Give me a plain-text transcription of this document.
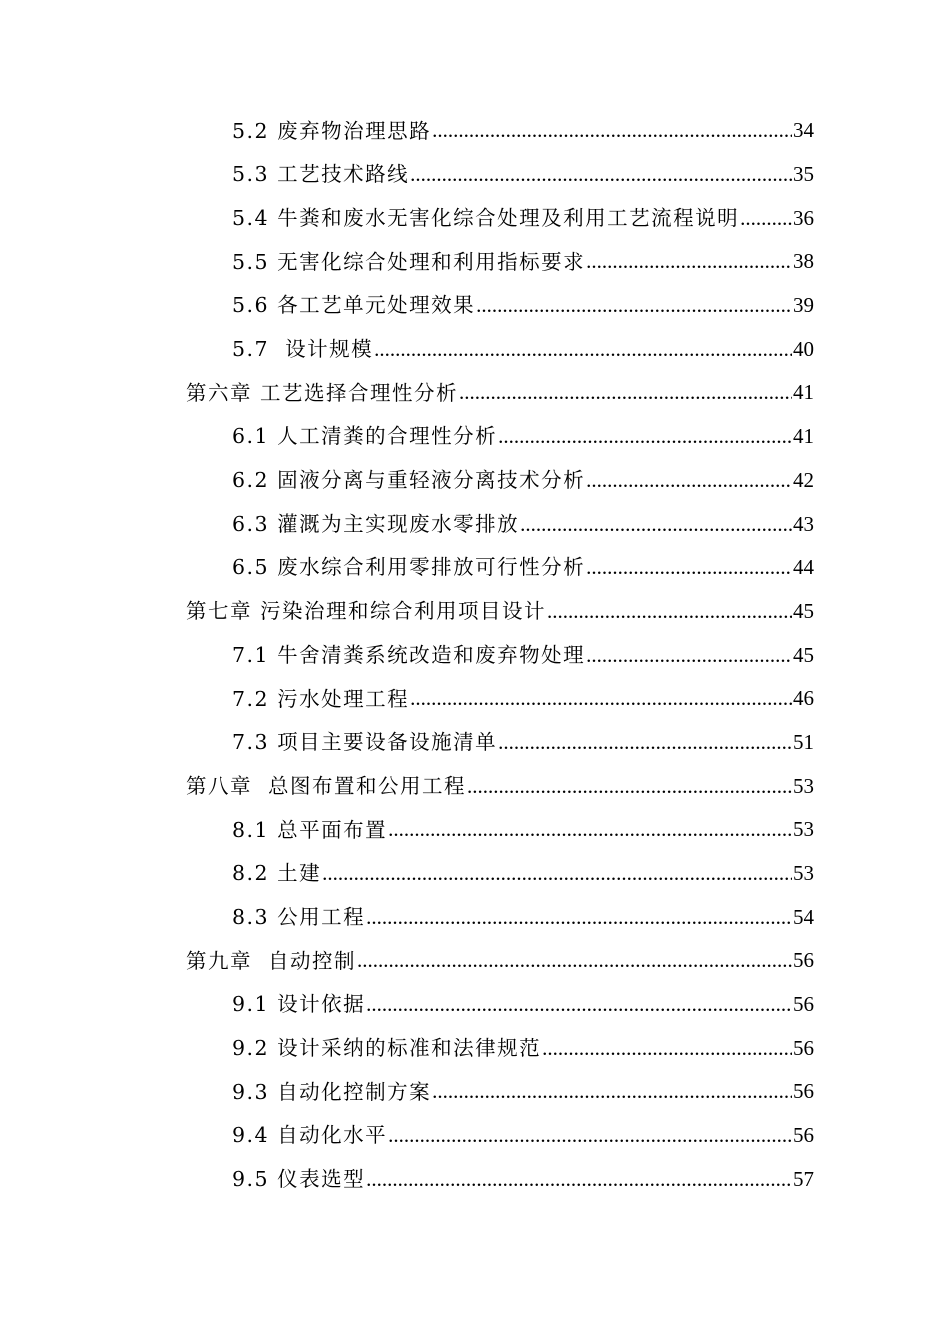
5.2 废弃物治理思路 .....	34
5.3 工艺技术路线 .....	35
5.4 牛粪和废水无害化综合处理及利用工艺流程说明 .....	36
5.5 无害化综合处理和利用指标要求 .....	38
5.6 各工艺单元处理效果 .....	39
5.7  设计规模 .....	40
第六章 工艺选择合理性分析 .....	41
6.1 人工清粪的合理性分析 .....	41
6.2 固液分离与重轻液分离技术分析 .....	42
6.3 灌溉为主实现废水零排放 .....	43
6.5 废水综合利用零排放可行性分析 .....	44
第七章 污染治理和综合利用项目设计 .....	45
7.1 牛舍清粪系统改造和废弃物处理 .....	45
7.2 污水处理工程 .....	46
7.3 项目主要设备设施清单 .....	51
第八章  总图布置和公用工程 .....	53
8.1 总平面布置 .....	53
8.2 土建 .....	53
8.3 公用工程 .....	54
第九章  自动控制 .....	56
9.1 设计依据 .....	56
9.2 设计采纳的标准和法律规范 .....	56
9.3 自动化控制方案 .....	56
9.4 自动化水平 .....	56
9.5 仪表选型 .....	57
